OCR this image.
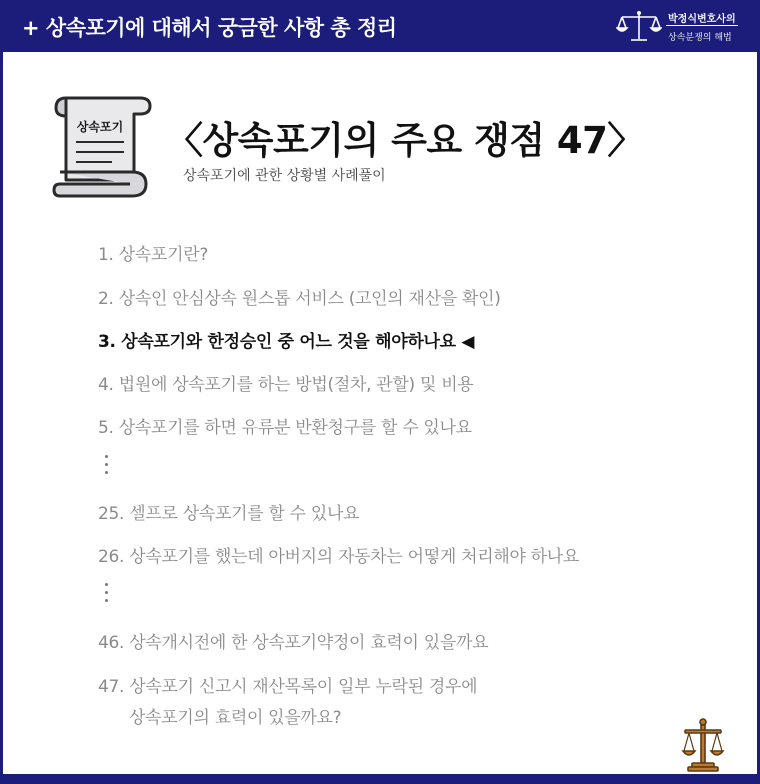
+ 상속포기에 대해서 궁금한 사항 총 정리	박정식변호사의
상속분쟁의 해법
상속포기 〈상속포기의 주요 쟁점 47〉
상속포기에 관한 상황별 사례풀이
1. 상속포기란?
2. 상속인 안심상속 원스톱 서비스 (고인의 재산을 확인)
3. 상속포기와 한정승인 중 어느 것을 해야하나요 ◀
4. 법원에 상속포기를 하는 방법(절차, 관할) 및 비용
5. 상속포기를 하면 유류분 반환청구를 할 수 있나요
25. 셀프로 상속포기를 할 수 있나요
26. 상속포기를 했는데 아버지의 자동차는 어떻게 처리해야 하나요
46. 상속개시전에 한 상속포기약정이 효력이 있을까요
47. 상속포기 신고시 재산목록이 일부 누락된 경우에
상속포기의 효력이 있을까요?
